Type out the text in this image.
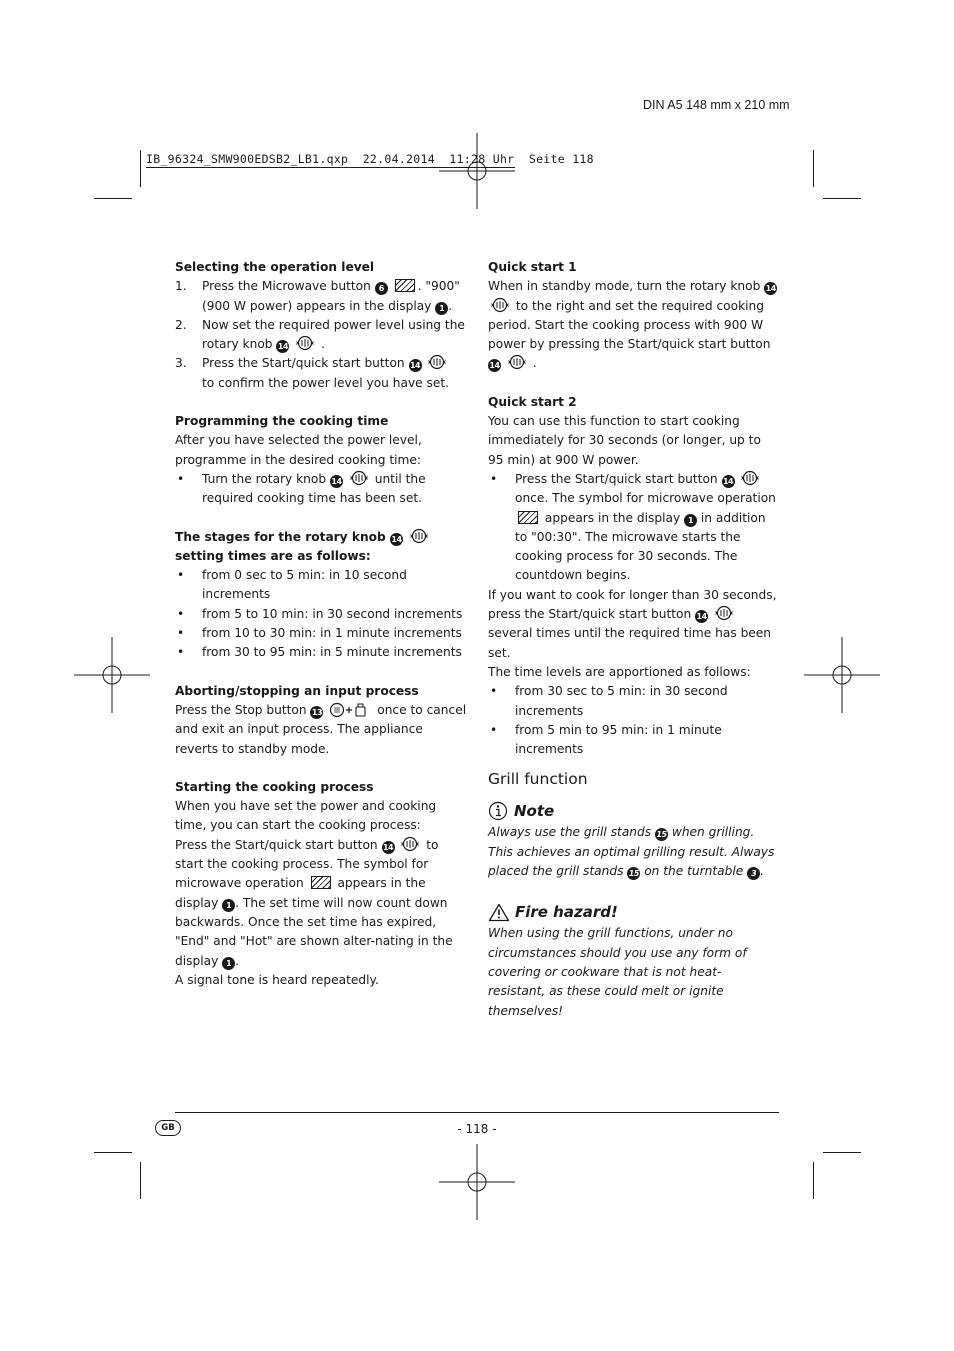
DIN A5 148 mm x 210 mm
IB_96324_SMW900EDSB2_LB1.qxp  22.04.2014  11:28 Uhr  Seite 118

Selecting the operation level

1.	Press the Microwave button 6	. "900" (900 W power) appears in the display 1 .
2.	Now set the required power level using the rotary knob 14	.
3.	Press the Start/quick start button 14
to confirm the power level you have set.

Programming the cooking time

After you have selected the power level, programme in the desired cooking time:

•	Turn the rotary knob 14	until the required cooking time has been set.

The stages for the rotary knob 14  setting times are as follows:

•	from 0 sec to 5 min: in 10 second increments
•	from 5 to 10 min: in 30 second increments
•	from 10 to 30 min: in 1 minute increments
•	from 30 to 95 min: in 5 minute increments

Aborting/stopping an input process

Press the Stop button 13	once to cancel and exit an input process. The appliance reverts to standby mode.

Starting the cooking process

When you have set the power and cooking time, you can start the cooking process:

Press the Start/quick start button 14	to start the cooking process. The symbol for microwave operation	appears in the display 1 . The set time will now count down backwards. Once the set time has expired, "End" and "Hot" are shown alter-nating in the display 1 .

A signal tone is heard repeatedly.

Quick start 1

When in standby mode, turn the rotary knob 14  to the right and set the required cooking period. Start the cooking process with 900 W power by pressing the Start/quick start button 14	.

Quick start 2

You can use this function to start cooking immediately for 30 seconds (or longer, up to 95 min) at 900 W power.

•	Press the Start/quick start button 14  once. The symbol for microwave operation  appears in the display 1 in addition to "00:30". The microwave starts the cooking process for 30 seconds. The countdown begins.

If you want to cook for longer than 30 seconds, press the Start/quick start button 14  several times until the required time has been set.

The time levels are apportioned as follows:

•	from 30 sec to 5 min: in 30 second increments
•	from 5 min to 95 min: in 1 minute increments

Grill function

Note

Always use the grill stands 15 when grilling. This achieves an optimal grilling result. Always placed the grill stands 15 on the turntable 3 .

Fire hazard!

When using the grill functions, under no circumstances should you use any form of covering or cookware that is not heat-resistant, as these could melt or ignite themselves!

GB	- 118 -
